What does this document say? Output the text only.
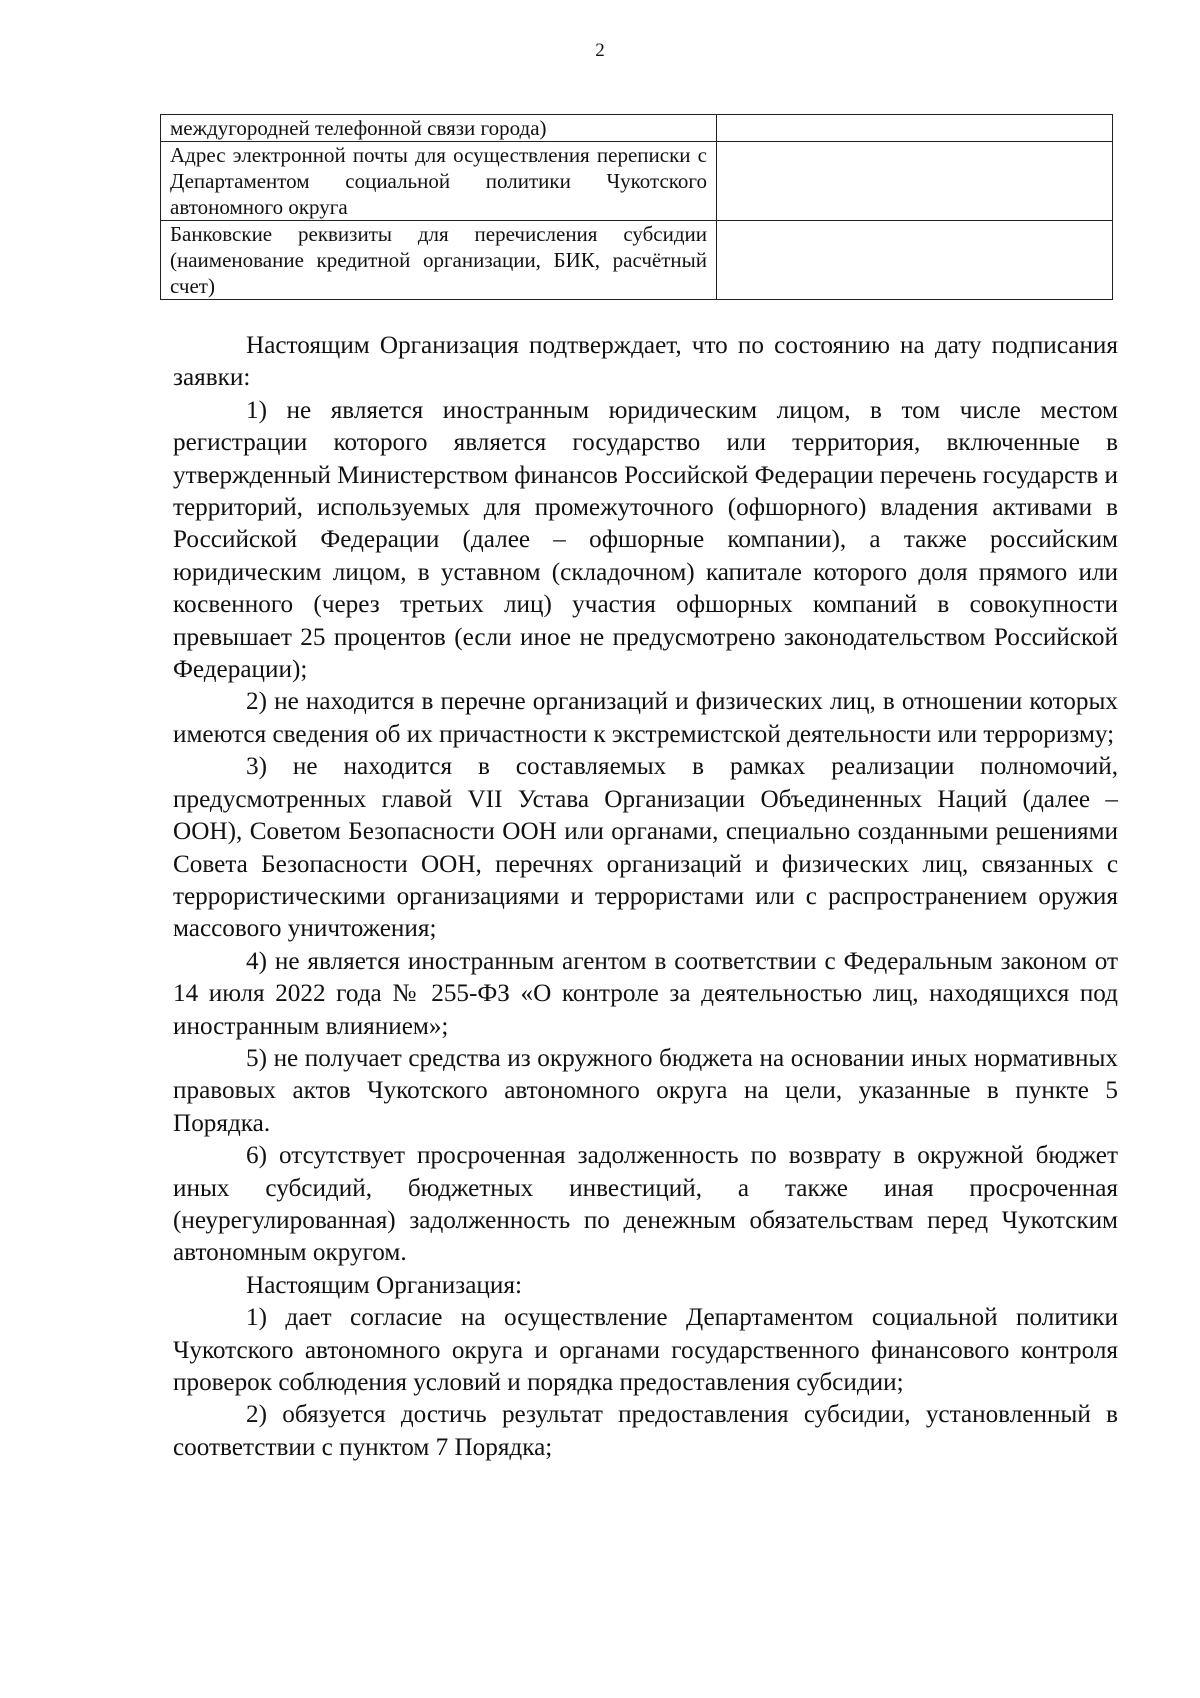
2
междугородней телефонной связи города)	
Адрес электронной почты для осуществления переписки с Департаментом социальной политики Чукотского автономного округа	
Банковские реквизиты для перечисления субсидии (наименование кредитной организации, БИК, расчётный счет)	

Настоящим Организация подтверждает, что по состоянию на дату подписания заявки:

1) не является иностранным юридическим лицом, в том числе местом регистрации которого является государство или территория, включенные в утвержденный Министерством финансов Российской Федерации перечень государств и территорий, используемых для промежуточного (офшорного) владения активами в Российской Федерации (далее – офшорные компании), а также российским юридическим лицом, в уставном (складочном) капитале которого доля прямого или косвенного (через третьих лиц) участия офшорных компаний в совокупности превышает 25 процентов (если иное не предусмотрено законодательством Российской Федерации);

2) не находится в перечне организаций и физических лиц, в отношении которых имеются сведения об их причастности к экстремистской деятельности или терроризму;

3) не находится в составляемых в рамках реализации полномочий, предусмотренных главой VII Устава Организации Объединенных Наций (далее – ООН), Советом Безопасности ООН или органами, специально созданными решениями Совета Безопасности ООН, перечнях организаций и физических лиц, связанных с террористическими организациями и террористами или с распространением оружия массового уничтожения;

4) не является иностранным агентом в соответствии с Федеральным законом от 14 июля 2022 года № 255-ФЗ «О контроле за деятельностью лиц, находящихся под иностранным влиянием»;

5) не получает средства из окружного бюджета на основании иных нормативных правовых актов Чукотского автономного округа на цели, указанные в пункте 5 Порядка.

6) отсутствует просроченная задолженность по возврату в окружной бюджет иных субсидий, бюджетных инвестиций, а также иная просроченная (неурегулированная) задолженность по денежным обязательствам перед Чукотским автономным округом.

Настоящим Организация:

1) дает согласие на осуществление Департаментом социальной политики Чукотского автономного округа и органами государственного финансового контроля проверок соблюдения условий и порядка предоставления субсидии;

2) обязуется достичь результат предоставления субсидии, установленный в соответствии с пунктом 7 Порядка;
